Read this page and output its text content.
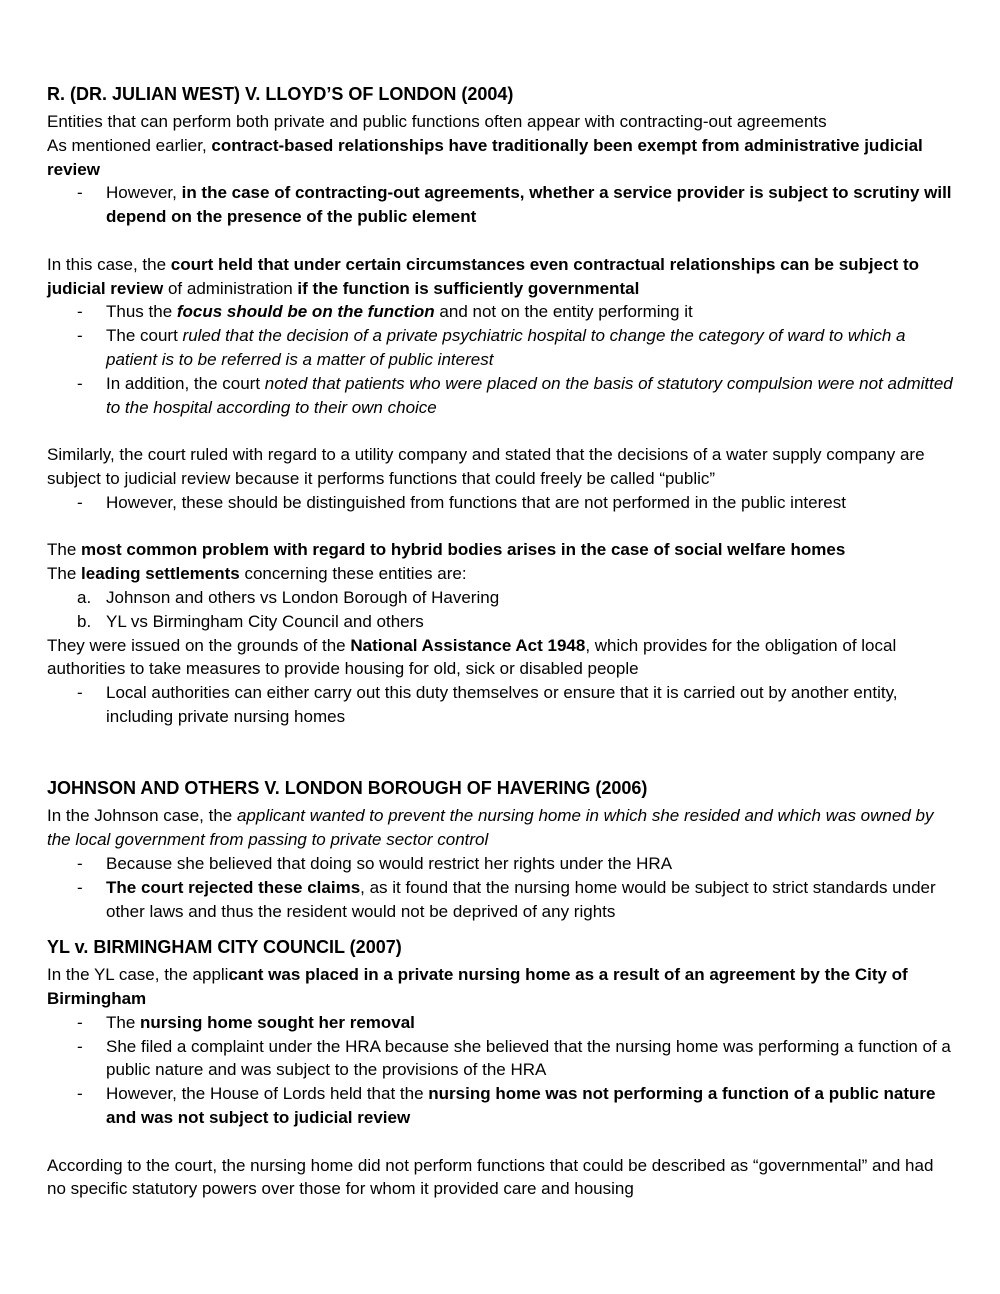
R. (DR. JULIAN WEST) V. LLOYD’S OF LONDON (2004)

Entities that can perform both private and public functions often appear with contracting-out agreements

As mentioned earlier, contract-based relationships have traditionally been exempt from administrative judicial review

- However, in the case of contracting-out agreements, whether a service provider is subject to scrutiny will depend on the presence of the public element

In this case, the court held that under certain circumstances even contractual relationships can be subject to judicial review of administration if the function is sufficiently governmental

- Thus the focus should be on the function and not on the entity performing it
- The court ruled that the decision of a private psychiatric hospital to change the category of ward to which a patient is to be referred is a matter of public interest
- In addition, the court noted that patients who were placed on the basis of statutory compulsion were not admitted to the hospital according to their own choice

Similarly, the court ruled with regard to a utility company and stated that the decisions of a water supply company are subject to judicial review because it performs functions that could freely be called “public”

- However, these should be distinguished from functions that are not performed in the public interest

The most common problem with regard to hybrid bodies arises in the case of social welfare homes

The leading settlements concerning these entities are:

a. Johnson and others vs London Borough of Havering
b. YL vs Birmingham City Council and others

They were issued on the grounds of the National Assistance Act 1948, which provides for the obligation of local authorities to take measures to provide housing for old, sick or disabled people

- Local authorities can either carry out this duty themselves or ensure that it is carried out by another entity, including private nursing homes
JOHNSON AND OTHERS V. LONDON BOROUGH OF HAVERING (2006)

In the Johnson case, the applicant wanted to prevent the nursing home in which she resided and which was owned by the local government from passing to private sector control

- Because she believed that doing so would restrict her rights under the HRA
- The court rejected these claims, as it found that the nursing home would be subject to strict standards under other laws and thus the resident would not be deprived of any rights
YL v. BIRMINGHAM CITY COUNCIL (2007)

In the YL case, the applicant was placed in a private nursing home as a result of an agreement by the City of Birmingham

- The nursing home sought her removal
- She filed a complaint under the HRA because she believed that the nursing home was performing a function of a public nature and was subject to the provisions of the HRA
- However, the House of Lords held that the nursing home was not performing a function of a public nature and was not subject to judicial review

According to the court, the nursing home did not perform functions that could be described as “governmental” and had no specific statutory powers over those for whom it provided care and housing
